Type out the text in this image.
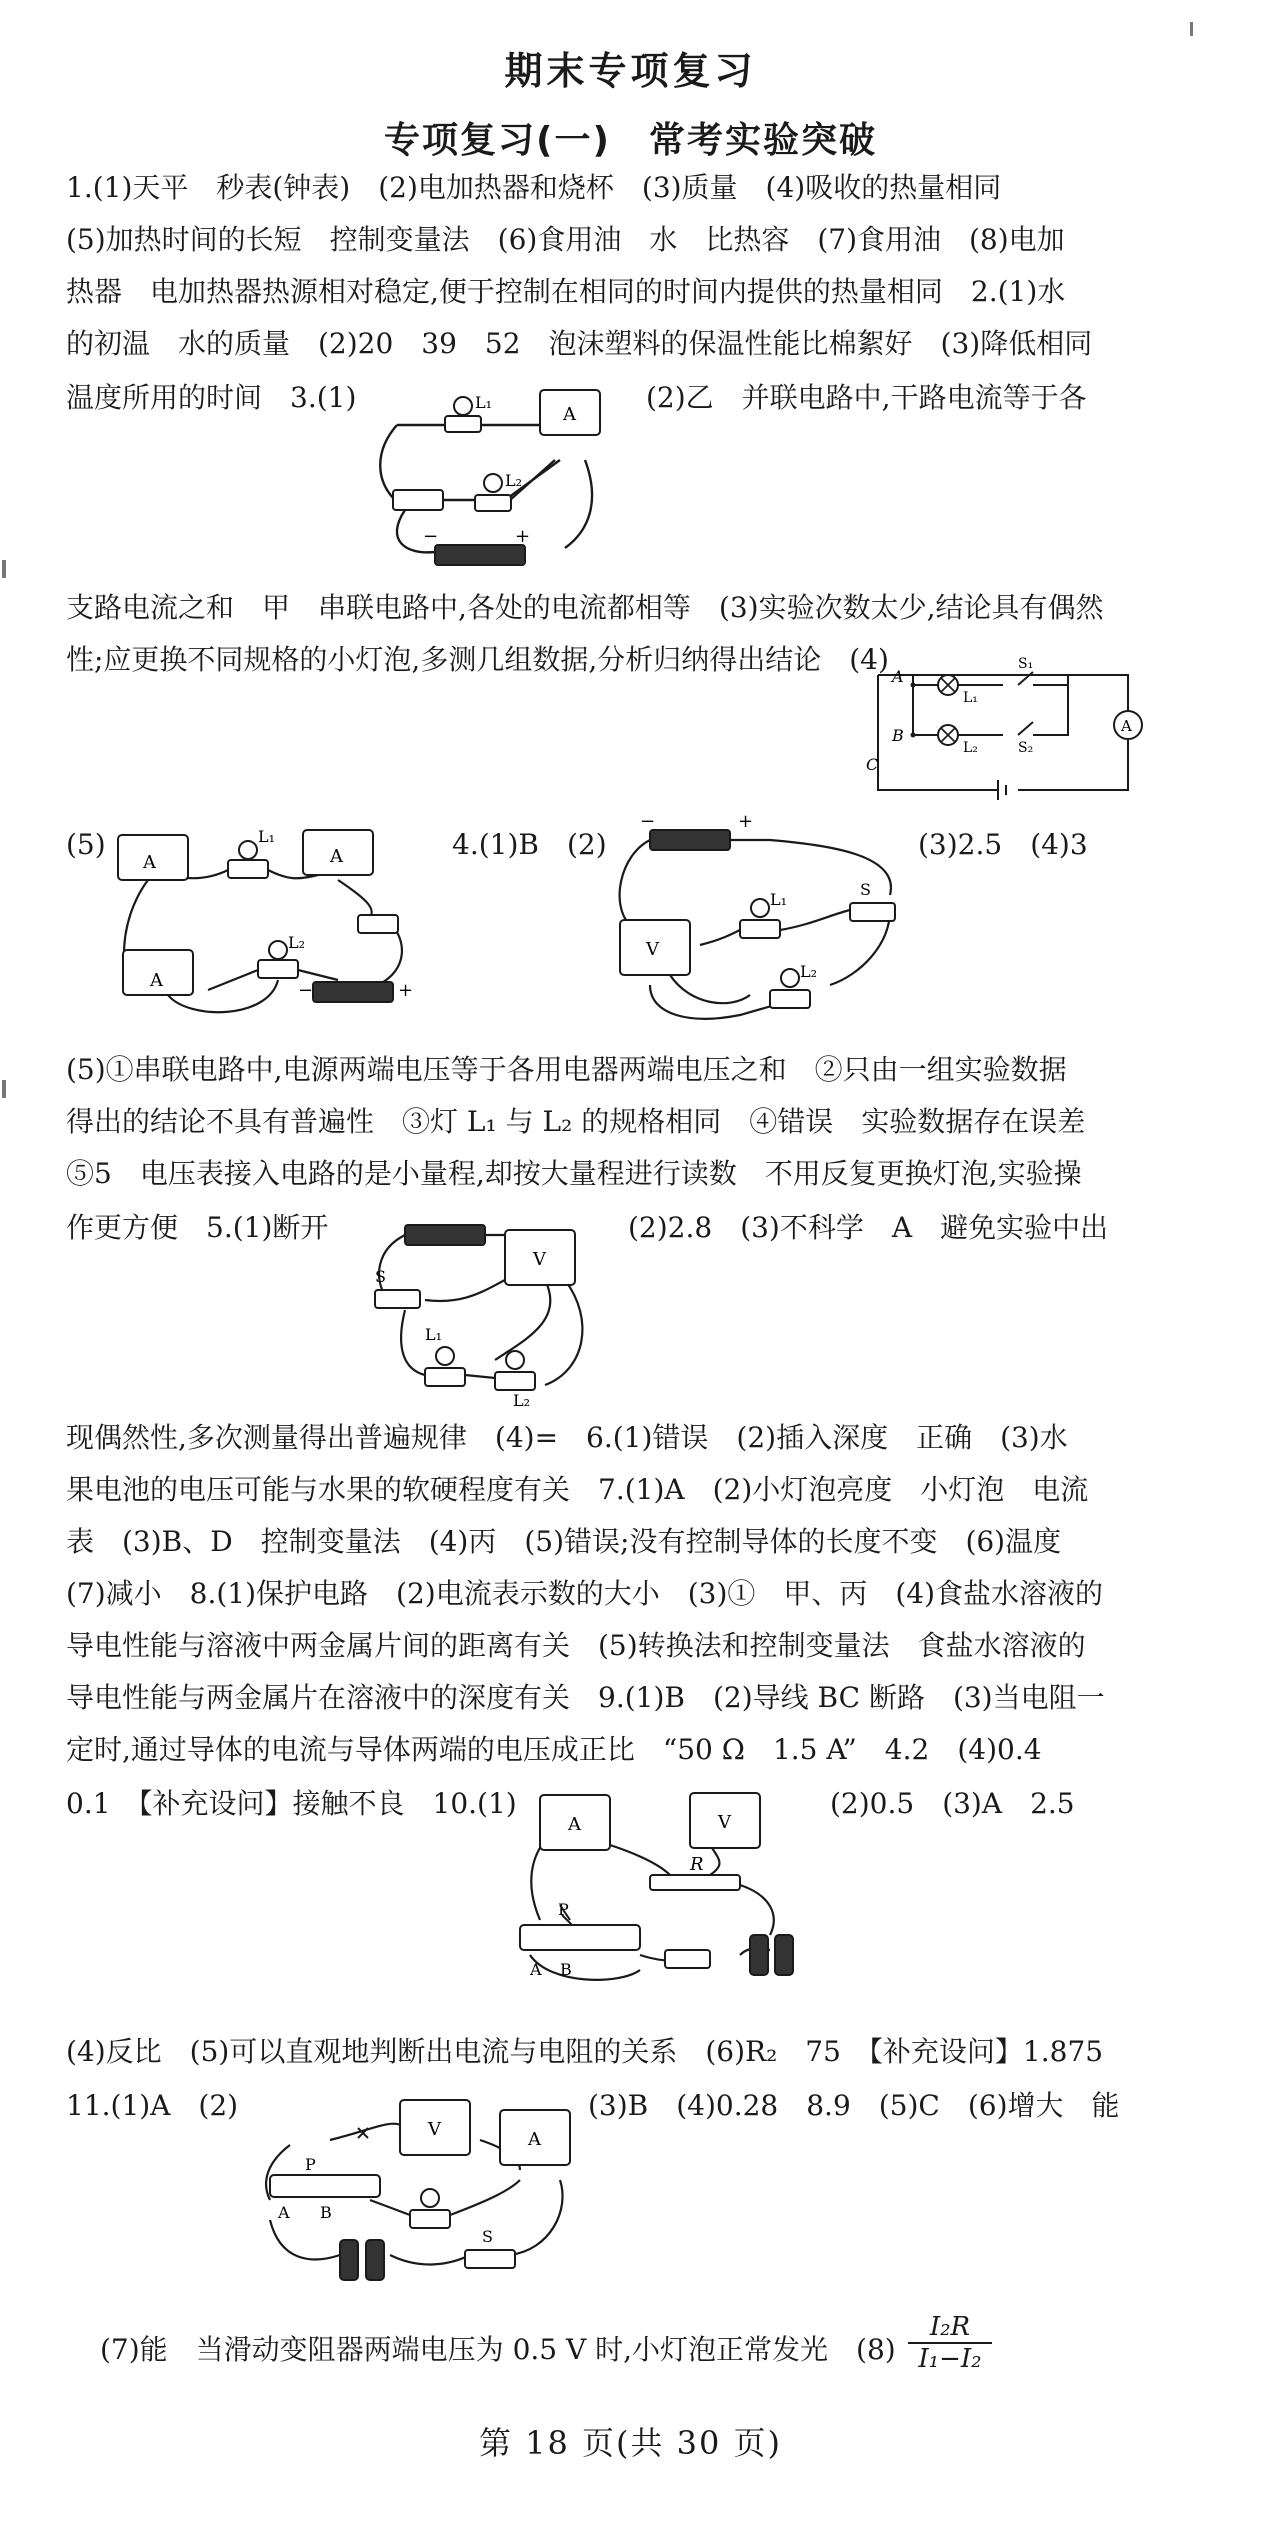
期末专项复习
专项复习(一)　常考实验突破
1.(1)天平　秒表(钟表)　(2)电加热器和烧杯　(3)质量　(4)吸收的热量相同
(5)加热时间的长短　控制变量法　(6)食用油　水　比热容　(7)食用油　(8)电加
热器　电加热器热源相对稳定,便于控制在相同的时间内提供的热量相同　2.(1)水
的初温　水的质量　(2)20　39　52　泡沫塑料的保温性能比棉絮好　(3)降低相同
温度所用的时间　3.(1)	(2)乙　并联电路中,干路电流等于各
L₁
L₂
A
−	+
支路电流之和　甲　串联电路中,各处的电流都相等　(3)实验次数太少,结论具有偶然
性;应更换不同规格的小灯泡,多测几组数据,分析归纳得出结论　(4)
A
B
C
L₁
L₂
S₁
S₂
A
(5)	4.(1)B　(2)	(3)2.5　(4)3
L₁
L₂
A	A
A	−	+
−	+
V
L₁
L₂
S
(5)①串联电路中,电源两端电压等于各用电器两端电压之和　②只由一组实验数据
得出的结论不具有普遍性　③灯 L₁ 与 L₂ 的规格相同　④错误　实验数据存在误差
⑤5　电压表接入电路的是小量程,却按大量程进行读数　不用反复更换灯泡,实验操
作更方便　5.(1)断开	(2)2.8　(3)不科学　A　避免实验中出
S
V
L₁
L₂
现偶然性,多次测量得出普遍规律　(4)=　6.(1)错误　(2)插入深度　正确　(3)水
果电池的电压可能与水果的软硬程度有关　7.(1)A　(2)小灯泡亮度　小灯泡　电流
表　(3)B、D　控制变量法　(4)丙　(5)错误;没有控制导体的长度不变　(6)温度
(7)减小　8.(1)保护电路　(2)电流表示数的大小　(3)①　甲、丙　(4)食盐水溶液的
导电性能与溶液中两金属片间的距离有关　(5)转换法和控制变量法　食盐水溶液的
导电性能与两金属片在溶液中的深度有关　9.(1)B　(2)导线 BC 断路　(3)当电阻一
定时,通过导体的电流与导体两端的电压成正比　“50 Ω　1.5 A”　4.2　(4)0.4
0.1　【补充设问】接触不良　10.(1)	(2)0.5　(3)A　2.5
A	V
R
P
A B
(4)反比　(5)可以直观地判断出电流与电阻的关系　(6)R₂　75　【补充设问】1.875
11.(1)A　(2)	(3)B　(4)0.28　8.9　(5)C　(6)增大　能
P
A B
V	A
S
(7)能　当滑动变阻器两端电压为 0.5 V 时,小灯泡正常发光　$(8) \frac{\text{I₂R}}{\text{I₁−I₂}}$
第 18 页(共 30 页)
